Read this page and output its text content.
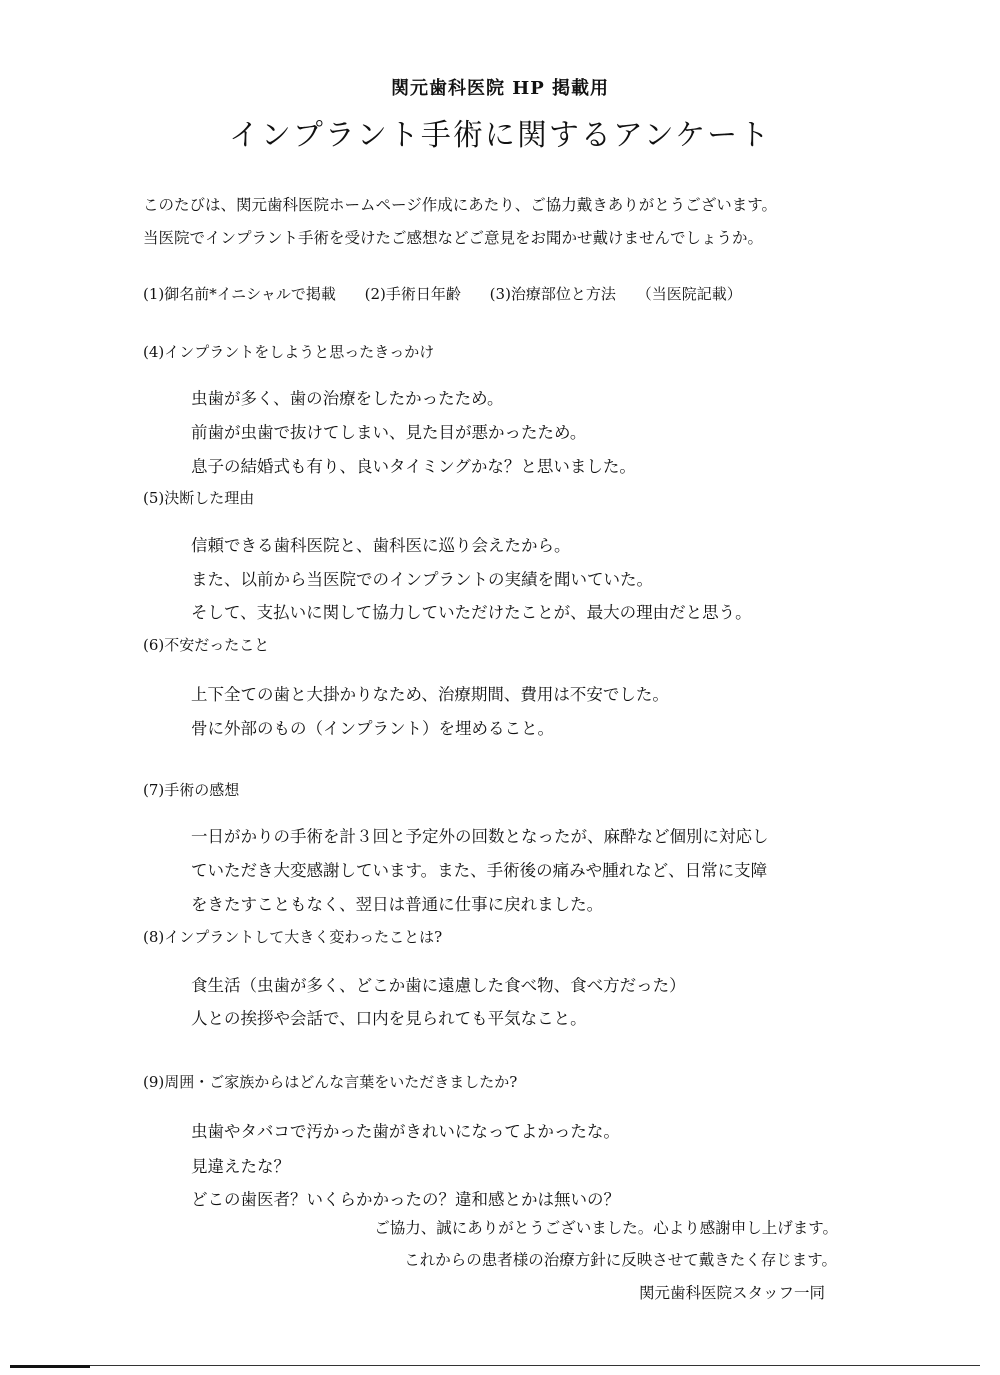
関元歯科医院 HP 掲載用
インプラント手術に関するアンケート
このたびは、関元歯科医院ホームページ作成にあたり、ご協力戴きありがとうございます。
当医院でインプラント手術を受けたご感想などご意見をお聞かせ戴けませんでしょうか。
(1)御名前*イニシャルで掲載 (2)手術日年齢 (3)治療部位と方法 （当医院記載）
(4)インプラントをしようと思ったきっかけ
虫歯が多く、歯の治療をしたかったため。
前歯が虫歯で抜けてしまい、見た目が悪かったため。
息子の結婚式も有り、良いタイミングかな？と思いました。
(5)決断した理由
信頼できる歯科医院と、歯科医に巡り会えたから。
また、以前から当医院でのインプラントの実績を聞いていた。
そして、支払いに関して協力していただけたことが、最大の理由だと思う。
(6)不安だったこと
上下全ての歯と大掛かりなため、治療期間、費用は不安でした。
骨に外部のもの（インプラント）を埋めること。
(7)手術の感想
一日がかりの手術を計３回と予定外の回数となったが、麻酔など個別に対応し
ていただき大変感謝しています。また、手術後の痛みや腫れなど、日常に支障
をきたすこともなく、翌日は普通に仕事に戻れました。
(8)インプラントして大きく変わったことは?
食生活（虫歯が多く、どこか歯に遠慮した食べ物、食べ方だった）
人との挨拶や会話で、口内を見られても平気なこと。
(9)周囲・ご家族からはどんな言葉をいただきましたか?
虫歯やタバコで汚かった歯がきれいになってよかったな。
見違えたな？
どこの歯医者？いくらかかったの？違和感とかは無いの？
ご協力、誠にありがとうございました。心より感謝申し上げます。
これからの患者様の治療方針に反映させて戴きたく存じます。
関元歯科医院スタッフ一同
